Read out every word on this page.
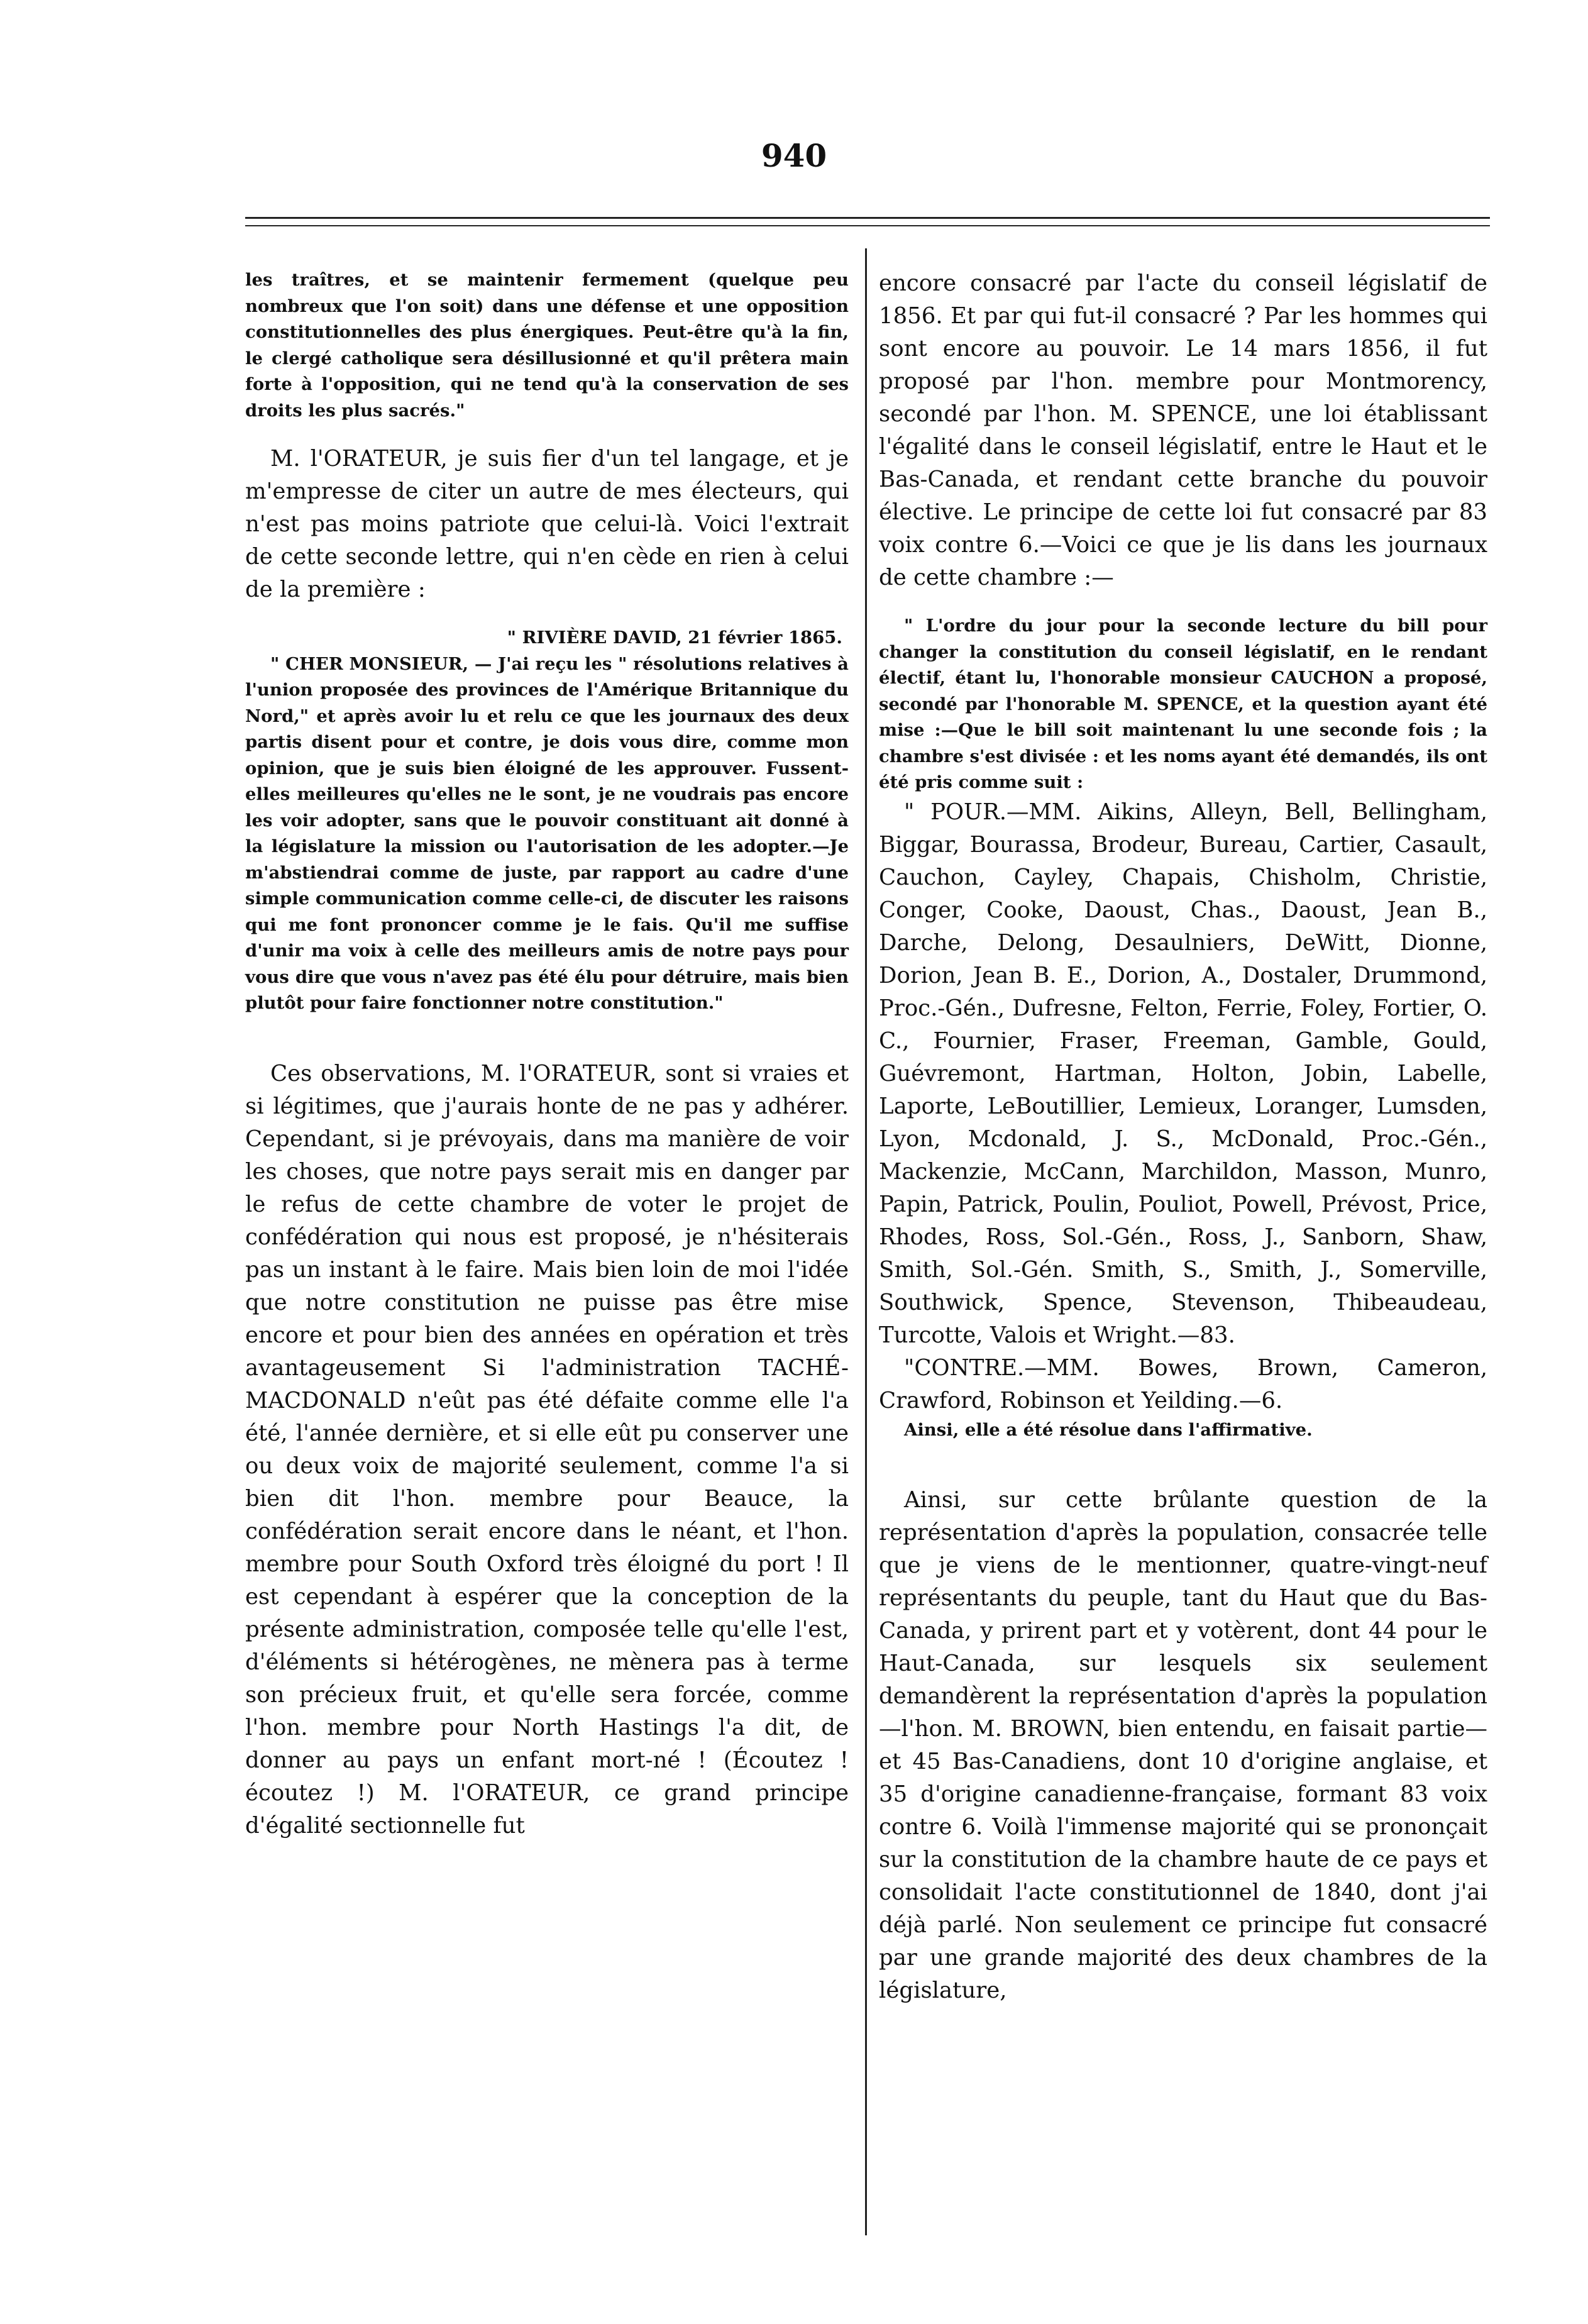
940

les traîtres, et se maintenir fermement (quelque peu nombreux que l'on soit) dans une défense et une opposition constitutionnelles des plus énergiques. Peut-être qu'à la fin, le clergé catholique sera désillusionné et qu'il prêtera main forte à l'opposition, qui ne tend qu'à la conservation de ses droits les plus sacrés."

M. l'ORATEUR, je suis fier d'un tel langage, et je m'empresse de citer un autre de mes électeurs, qui n'est pas moins patriote que celui-là. Voici l'extrait de cette seconde lettre, qui n'en cède en rien à celui de la première :

" RIVIÈRE DAVID, 21 février 1865.

" CHER MONSIEUR, — J'ai reçu les " résolutions relatives à l'union proposée des provinces de l'Amérique Britannique du Nord," et après avoir lu et relu ce que les journaux des deux partis disent pour et contre, je dois vous dire, comme mon opinion, que je suis bien éloigné de les approuver. Fussent-elles meilleures qu'elles ne le sont, je ne voudrais pas encore les voir adopter, sans que le pouvoir constituant ait donné à la législature la mission ou l'autorisation de les adopter.—Je m'abstiendrai comme de juste, par rapport au cadre d'une simple communication comme celle-ci, de discuter les raisons qui me font prononcer comme je le fais. Qu'il me suffise d'unir ma voix à celle des meilleurs amis de notre pays pour vous dire que vous n'avez pas été élu pour détruire, mais bien plutôt pour faire fonctionner notre constitution."

Ces observations, M. l'ORATEUR, sont si vraies et si légitimes, que j'aurais honte de ne pas y adhérer. Cependant, si je prévoyais, dans ma manière de voir les choses, que notre pays serait mis en danger par le refus de cette chambre de voter le projet de confédération qui nous est proposé, je n'hésiterais pas un instant à le faire. Mais bien loin de moi l'idée que notre constitution ne puisse pas être mise encore et pour bien des années en opération et très avantageusement Si l'administration TACHÉ-MACDONALD n'eût pas été défaite comme elle l'a été, l'année dernière, et si elle eût pu conserver une ou deux voix de majorité seulement, comme l'a si bien dit l'hon. membre pour Beauce, la confédération serait encore dans le néant, et l'hon. membre pour South Oxford très éloigné du port ! Il est cependant à espérer que la conception de la présente administration, composée telle qu'elle l'est, d'éléments si hétérogènes, ne mènera pas à terme son précieux fruit, et qu'elle sera forcée, comme l'hon. membre pour North Hastings l'a dit, de donner au pays un enfant mort-né ! (Écoutez ! écoutez !) M. l'ORATEUR, ce grand principe d'égalité sectionnelle fut

encore consacré par l'acte du conseil législatif de 1856. Et par qui fut-il consacré ? Par les hommes qui sont encore au pouvoir. Le 14 mars 1856, il fut proposé par l'hon. membre pour Montmorency, secondé par l'hon. M. SPENCE, une loi établissant l'égalité dans le conseil législatif, entre le Haut et le Bas-Canada, et rendant cette branche du pouvoir élective. Le principe de cette loi fut consacré par 83 voix contre 6.—Voici ce que je lis dans les journaux de cette chambre :—

" L'ordre du jour pour la seconde lecture du bill pour changer la constitution du conseil législatif, en le rendant électif, étant lu, l'honorable monsieur CAUCHON a proposé, secondé par l'honorable M. SPENCE, et la question ayant été mise :—Que le bill soit maintenant lu une seconde fois ; la chambre s'est divisée : et les noms ayant été demandés, ils ont été pris comme suit :

" POUR.—MM. Aikins, Alleyn, Bell, Bellingham, Biggar, Bourassa, Brodeur, Bureau, Cartier, Casault, Cauchon, Cayley, Chapais, Chisholm, Christie, Conger, Cooke, Daoust, Chas., Daoust, Jean B., Darche, Delong, Desaulniers, DeWitt, Dionne, Dorion, Jean B. E., Dorion, A., Dostaler, Drummond, Proc.-Gén., Dufresne, Felton, Ferrie, Foley, Fortier, O. C., Fournier, Fraser, Freeman, Gamble, Gould, Guévremont, Hartman, Holton, Jobin, Labelle, Laporte, LeBoutillier, Lemieux, Loranger, Lumsden, Lyon, Mcdonald, J. S., McDonald, Proc.-Gén., Mackenzie, McCann, Marchildon, Masson, Munro, Papin, Patrick, Poulin, Pouliot, Powell, Prévost, Price, Rhodes, Ross, Sol.-Gén., Ross, J., Sanborn, Shaw, Smith, Sol.-Gén. Smith, S., Smith, J., Somerville, Southwick, Spence, Stevenson, Thibeaudeau, Turcotte, Valois et Wright.—83.

"CONTRE.—MM. Bowes, Brown, Cameron, Crawford, Robinson et Yeilding.—6.

Ainsi, elle a été résolue dans l'affirmative.

Ainsi, sur cette brûlante question de la représentation d'après la population, consacrée telle que je viens de le mentionner, quatre-vingt-neuf représentants du peuple, tant du Haut que du Bas-Canada, y prirent part et y votèrent, dont 44 pour le Haut-Canada, sur lesquels six seulement demandèrent la représentation d'après la population —l'hon. M. BROWN, bien entendu, en faisait partie—et 45 Bas-Canadiens, dont 10 d'origine anglaise, et 35 d'origine canadienne-française, formant 83 voix contre 6. Voilà l'immense majorité qui se prononçait sur la constitution de la chambre haute de ce pays et consolidait l'acte constitutionnel de 1840, dont j'ai déjà parlé. Non seulement ce principe fut consacré par une grande majorité des deux chambres de la législature,
